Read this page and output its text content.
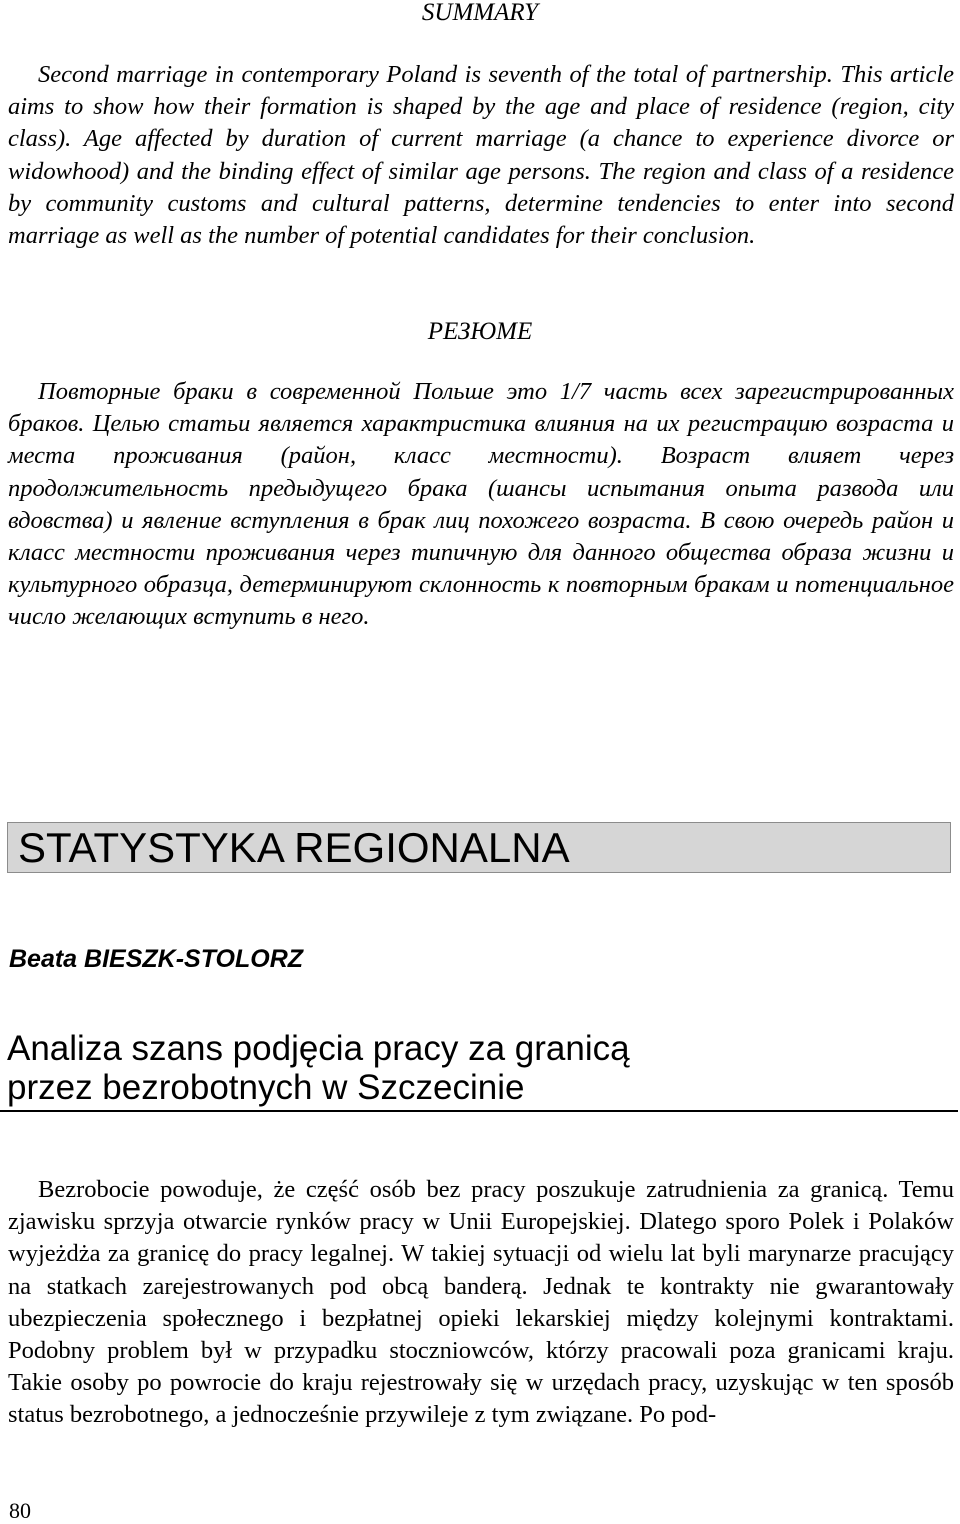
SUMMARY

Second marriage in contemporary Poland is seventh of the total of partnership. This article aims to show how their formation is shaped by the age and place of residence (region, city class). Age affected by duration of current marriage (a chance to experience divorce or widowhood) and the binding effect of similar age persons. The region and class of a residence by community customs and cultural patterns, determine tendencies to enter into second marriage as well as the number of potential candidates for their conclusion.

РЕЗЮМЕ

Повторные браки в современной Польше это 1/7 часть всех зарегистрированных браков. Целью статьи является характристика влияния на их регистрацию возраста и места проживания (район, класс местности). Возраст влияет через продолжительность предыдущего брака (шансы испытания опыта развода или вдовства) и явление вступления в брак лиц похожего возраста. В свою очередь район и класс местности проживания через типичную для данного общества образа жизни и культурного образца, детерминируют склонность к повторным бракам и потенциальное число желающих вступить в него.

STATYSTYKA REGIONALNA
Beata BIESZK-STOLORZ
Analiza szans podjęcia pracy za granicą
przez bezrobotnych w Szczecinie

Bezrobocie powoduje, że część osób bez pracy poszukuje zatrudnienia za granicą. Temu zjawisku sprzyja otwarcie rynków pracy w Unii Europejskiej. Dlatego sporo Polek i Polaków wyjeżdża za granicę do pracy legalnej. W takiej sytuacji od wielu lat byli marynarze pracujący na statkach zarejestrowanych pod obcą banderą. Jednak te kontrakty nie gwarantowały ubezpieczenia społecznego i bezpłatnej opieki lekarskiej między kolejnymi kontraktami. Podobny problem był w przypadku stoczniowców, którzy pracowali poza granicami kraju. Takie osoby po powrocie do kraju rejestrowały się w urzędach pracy, uzyskując w ten sposób status bezrobotnego, a jednocześnie przywileje z tym związane. Po pod-

80
